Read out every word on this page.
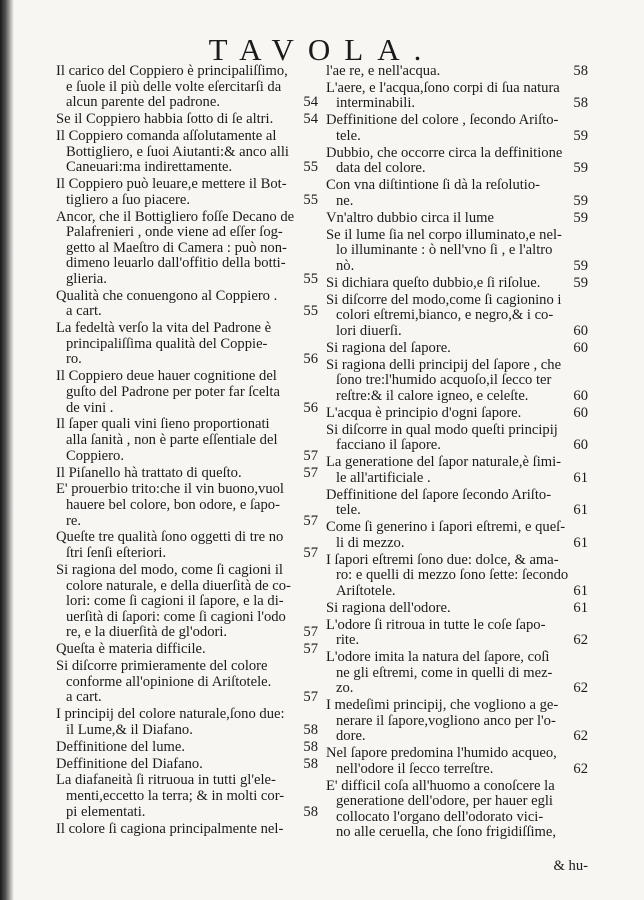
TAVOLA.
Il carico del Coppiero è principaliſſimo,
e ſuole il più delle volte eſercitarſi da
54
alcun parente del padrone.
54
Se il Coppiero habbia ſotto di ſe altri.
Il Coppiero comanda aſſolutamente al
Bottigliero, e ſuoi Aiutanti:& anco alli
55
Caneuari:ma indirettamente.
Il Coppiero può leuare,e mettere il Bot-
55
tigliero a ſuo piacere.
Ancor, che il Bottigliero foſſe Decano de
Palafrenieri , onde viene ad eſſer ſog-
getto al Maeſtro di Camera : può non-
dimeno leuarlo dall'offitio della botti-
55
glieria.
Qualità che conuengono al Coppiero .
55
a cart.
La fedeltà verſo la vita del Padrone è
principaliſſima qualità del Coppie-
56
ro.
Il Coppiero deue hauer cognitione del
guſto del Padrone per poter far ſcelta
56
de vini .
Il ſaper quali vini ſieno proportionati
alla ſanità , non è parte eſſentiale del
57
Coppiero.
57
Il Piſanello hà trattato di queſto.
E' prouerbio trito:che il vin buono,vuol
hauere bel colore, bon odore, e ſapo-
57
re.
Queſte tre qualità ſono oggetti di tre no
57
ſtri ſenſi eſteriori.
Si ragiona del modo, come ſi cagioni il
colore naturale, e della diuerſità de co-
lori: come ſi cagioni il ſapore, e la di-
uerſità di ſapori: come ſi cagioni l'odo
57
re, e la diuerſità de gl'odori.
57
Queſta è materia difficile.
Si diſcorre primieramente del colore
conforme all'opinione di Ariſtotele.
57
a cart.
I principij del colore naturale,ſono due:
58
il Lume,& il Diafano.
58
Deffinitione del lume.
58
Deffinitione del Diafano.
La diafaneità ſi ritruoua in tutti gl'ele-
menti,eccetto la terra; & in molti cor-
58
pi elementati.
Il colore ſi cagiona principalmente nel-
58
l'ae re, e nell'acqua.
L'aere, e l'acqua,ſono corpi di ſua natura
58
interminabili.
Deffinitione del colore , ſecondo Ariſto-
59
tele.
Dubbio, che occorre circa la deffinitione
59
data del colore.
Con vna diſtintione ſi dà la reſolutio-
59
ne.
59
Vn'altro dubbio circa il lume
Se il lume ſia nel corpo illuminato,e nel-
lo illuminante : ò nell'vno ſi , e l'altro
59
nò.
59
Si dichiara queſto dubbio,e ſi riſolue.
Si diſcorre del modo,come ſi cagionino i
colori eſtremi,bianco, e negro,& i co-
60
lori diuerſi.
60
Si ragiona del ſapore.
Si ragiona delli principij del ſapore , che
ſono tre:l'humido acquoſo,il ſecco ter
60
reſtre:& il calore igneo, e celeſte.
60
L'acqua è principio d'ogni ſapore.
Si diſcorre in qual modo queſti principij
60
facciano il ſapore.
La generatione del ſapor naturale,è ſimi-
61
le all'artificiale .
Deffinitione del ſapore ſecondo Ariſto-
61
tele.
Come ſi generino i ſapori eſtremi, e queſ-
61
li di mezzo.
I ſapori eſtremi ſono due: dolce, & ama-
ro: e quelli di mezzo ſono ſette: ſecondo
61
Ariſtotele.
61
Si ragiona dell'odore.
L'odore ſi ritroua in tutte le coſe ſapo-
62
rite.
L'odore imita la natura del ſapore, coſì
ne gli eſtremi, come in quelli di mez-
62
zo.
I medeſimi principij, che vogliono a ge-
nerare il ſapore,vogliono anco per l'o-
62
dore.
Nel ſapore predomina l'humido acqueo,
62
nell'odore il ſecco terreſtre.
E' difficil coſa all'huomo a conoſcere la
generatione dell'odore, per hauer egli
collocato l'organo dell'odorato vici-
no alle ceruella, che ſono frigidiſſime,
& hu-
